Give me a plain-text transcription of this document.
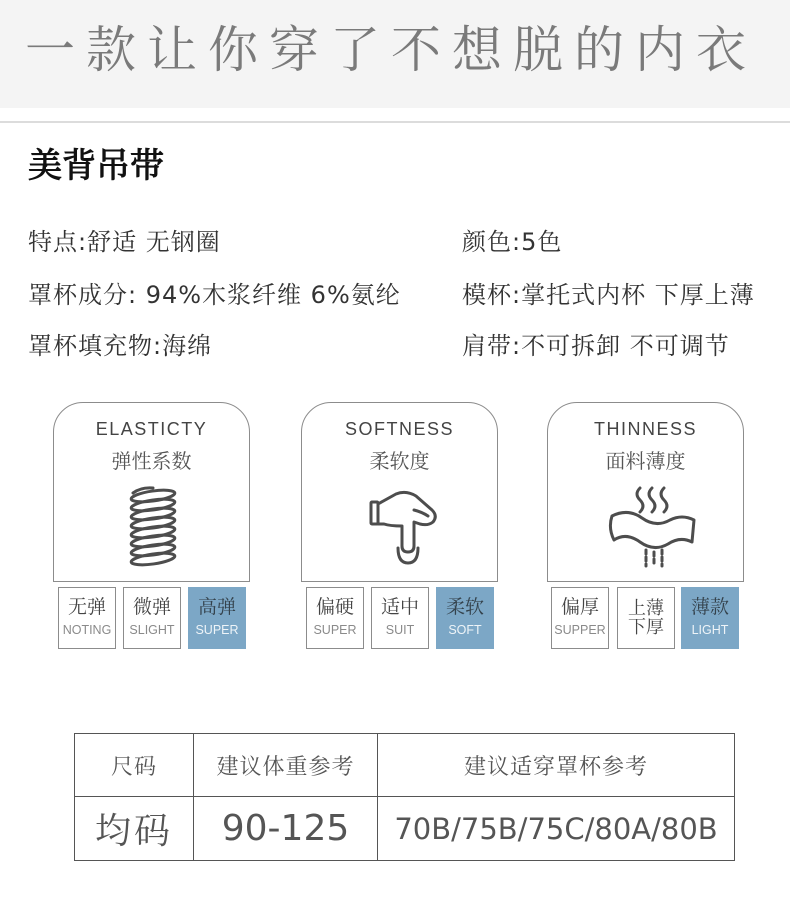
一款让你穿了不想脱的内衣
美背吊带
特点:舒适 无钢圈
罩杯成分: 94%木浆纤维 6%氨纶
罩杯填充物:海绵
颜色:5色
模杯:掌托式内杯 下厚上薄
肩带:不可拆卸 不可调节
ELASTICTY
弹性系数
无弹
NOTING
微弹
SLIGHT
高弹
SUPER
SOFTNESS
柔软度
偏硬
SUPER
适中
SUIT
柔软
SOFT
THINNESS
面料薄度
偏厚
SUPPER
上薄
下厚
薄款
LIGHT
尺码	建议体重参考	建议适穿罩杯参考
均码	90-125	70B/75B/75C/80A/80B
